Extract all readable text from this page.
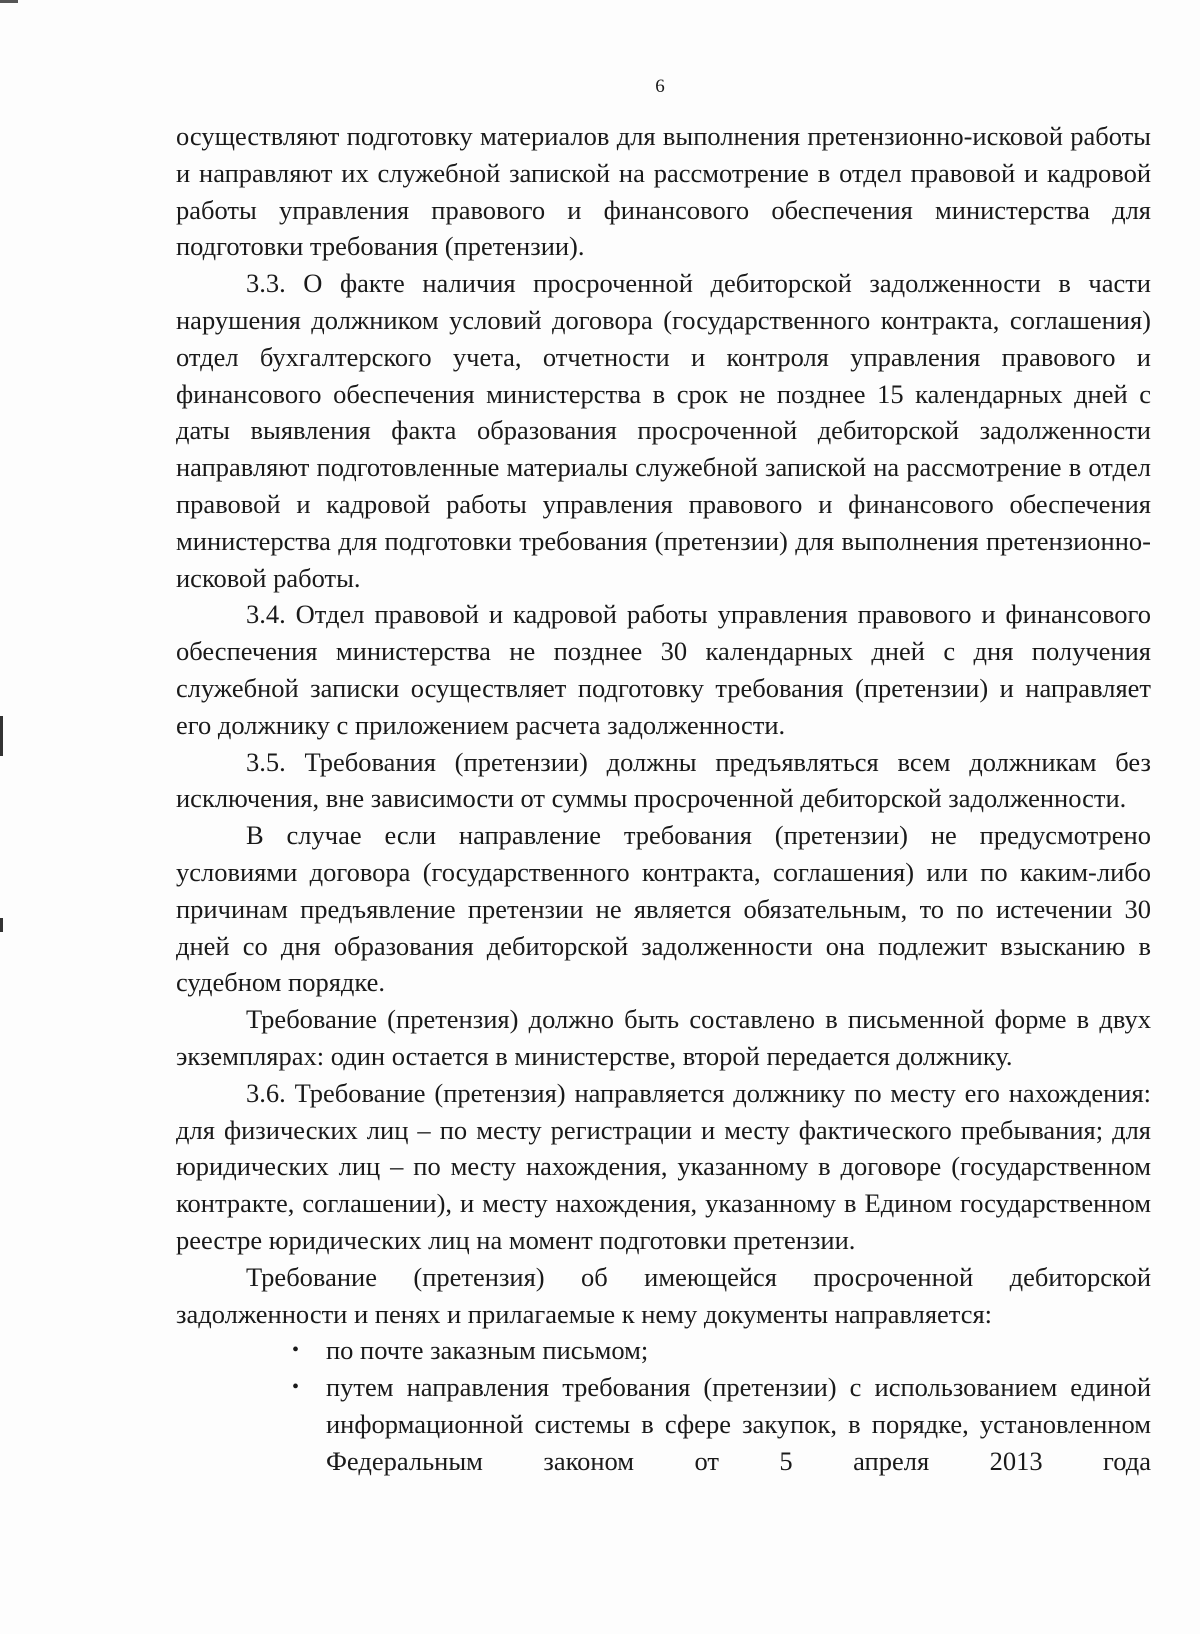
6

осуществляют подготовку материалов для выполнения претензионно-исковой работы и направляют их служебной запиской на рассмотрение в отдел правовой и кадровой работы управления правового и финансового обеспечения министерства для подготовки требования (претензии).

3.3. О факте наличия просроченной дебиторской задолженности в части нарушения должником условий договора (государственного контракта, соглашения) отдел бухгалтерского учета, отчетности и контроля управления правового и финансового обеспечения министерства в срок не позднее 15 календарных дней с даты выявления факта образования просроченной дебиторской задолженности направляют подготовленные материалы служебной запиской на рассмотрение в отдел правовой и кадровой работы управления правового и финансового обеспечения министерства для подготовки требования (претензии) для выполнения претензионно-исковой работы.

3.4. Отдел правовой и кадровой работы управления правового и финансового обеспечения министерства не позднее 30 календарных дней с дня получения служебной записки осуществляет подготовку требования (претензии) и направляет его должнику с приложением расчета задолженности.

3.5. Требования (претензии) должны предъявляться всем должникам без исключения, вне зависимости от суммы просроченной дебиторской задолженности.

В случае если направление требования (претензии) не предусмотрено условиями договора (государственного контракта, соглашения) или по каким-либо причинам предъявление претензии не является обязательным, то по истечении 30 дней со дня образования дебиторской задолженности она подлежит взысканию в судебном порядке.

Требование (претензия) должно быть составлено в письменной форме в двух экземплярах: один остается в министерстве, второй передается должнику.

3.6. Требование (претензия) направляется должнику по месту его нахождения: для физических лиц – по месту регистрации и месту фактического пребывания; для юридических лиц – по месту нахождения, указанному в договоре (государственном контракте, соглашении), и месту нахождения, указанному в Едином государственном реестре юридических лиц на момент подготовки претензии.

Требование (претензия) об имеющейся просроченной дебиторской задолженности и пенях и прилагаемые к нему документы направляется:

• по почте заказным письмом;
• путем направления требования (претензии) с использованием единой информационной системы в сфере закупок, в порядке, установленном Федеральным законом от 5 апреля 2013 года
